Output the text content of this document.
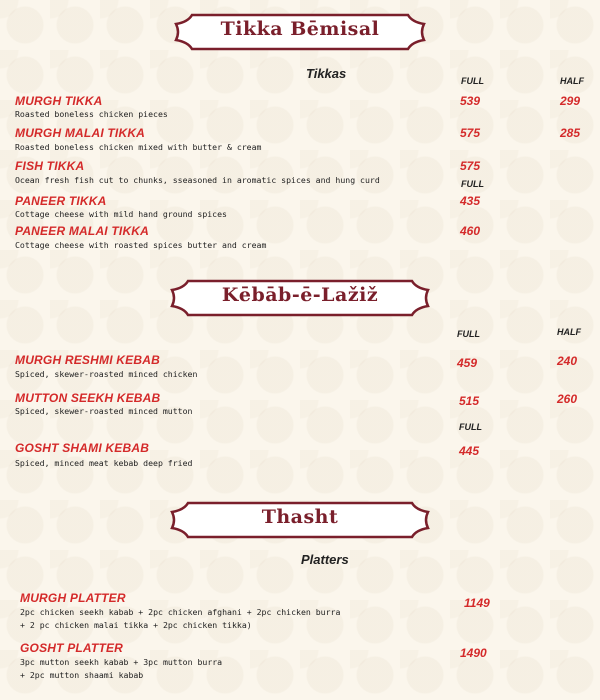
Tikka Bēmisal
Tikkas	FULL	HALF
MURGH TIKKA
Roasted boneless chicken pieces
539	299
MURGH MALAI TIKKA
Roasted boneless chicken mixed with butter & cream
575	285
FISH TIKKA
Ocean fresh fish cut to chunks, sseasoned in aromatic spices and hung curd
575
FULL
PANEER TIKKA
Cottage cheese with mild hand ground spices
435
PANEER MALAI TIKKA
Cottage cheese with roasted spices butter and cream
460
Kēbāb-ē-Lažiž
FULL	HALF
MURGH RESHMI KEBAB
Spiced, skewer-roasted minced chicken
459	240
MUTTON SEEKH KEBAB
Spiced, skewer-roasted minced mutton
515	260
FULL
GOSHT SHAMI KEBAB
Spiced, minced meat kebab deep fried
445
Thasht
Platters
MURGH PLATTER
2pc chicken seekh kabab + 2pc chicken afghani + 2pc chicken burra
+ 2 pc chicken malai tikka + 2pc chicken tikka)
1149
GOSHT PLATTER
3pc mutton seekh kabab + 3pc mutton burra
+ 2pc mutton shaami kabab
1490
